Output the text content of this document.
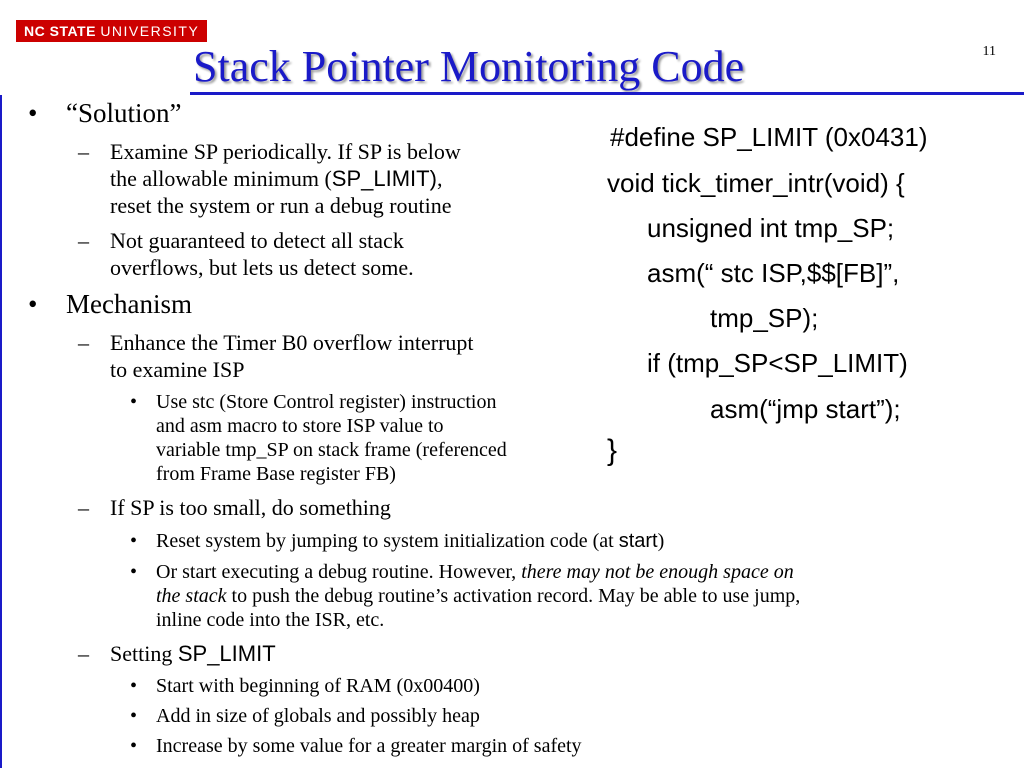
NC STATE UNIVERSITY
11
Stack Pointer Monitoring Code
• “Solution”

– Examine SP periodically. If SP is below

the allowable minimum (SP_LIMIT),

reset the system or run a debug routine

– Not guaranteed to detect all stack

overflows, but lets us detect some.

• Mechanism

– Enhance the Timer B0 overflow interrupt

to examine ISP

• Use stc (Store Control register) instruction

and asm macro to store ISP value to

variable tmp_SP on stack frame (referenced

from Frame Base register FB)

– If SP is too small, do something

• Reset system by jumping to system initialization code (at start)

• Or start executing a debug routine. However, there may not be enough space on

the stack to push the debug routine’s activation record. May be able to use jump,

inline code into the ISR, etc.

– Setting SP_LIMIT

• Start with beginning of RAM (0x00400)

• Add in size of globals and possibly heap

• Increase by some value for a greater margin of safety

#define SP_LIMIT (0x0431)

void tick_timer_intr(void) {

unsigned int tmp_SP;

asm(“ stc ISP,$$[FB]”,

tmp_SP);

if (tmp_SP<SP_LIMIT)

asm(“jmp start”);

}
